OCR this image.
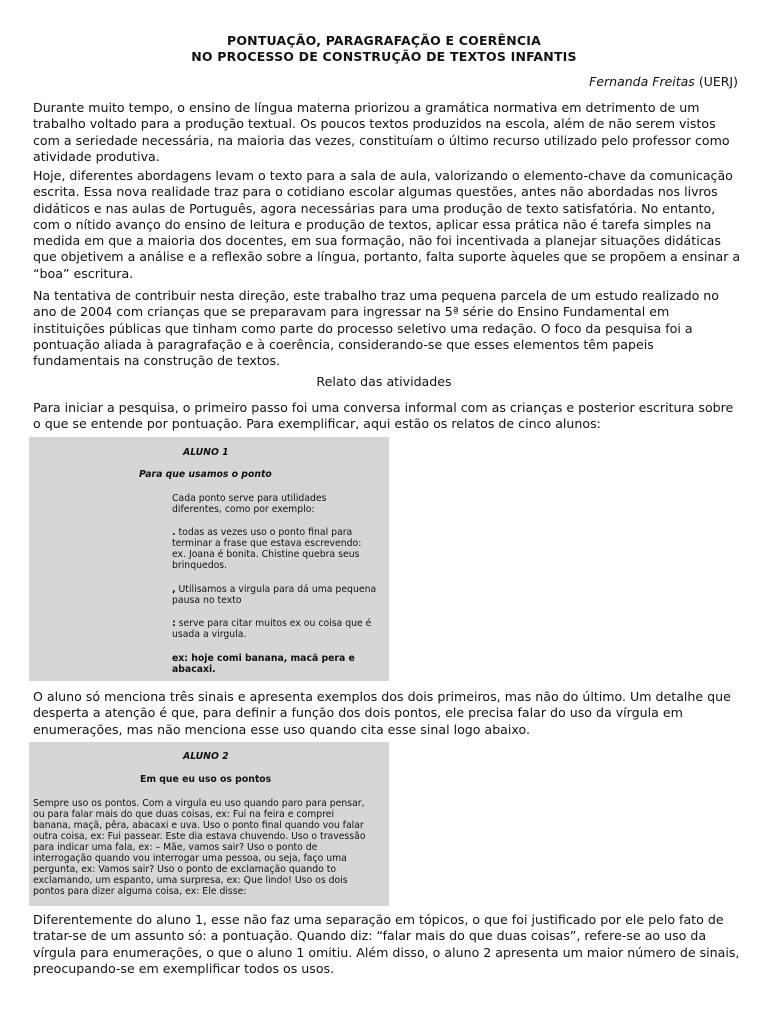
PONTUAÇÃO, PARAGRAFAÇÃO E COERÊNCIA
NO PROCESSO DE CONSTRUÇÃO DE TEXTOS INFANTIS
Fernanda Freitas (UERJ)

Durante muito tempo, o ensino de língua materna priorizou a gramática normativa em detrimento de um trabalho voltado para a produção textual. Os poucos textos produzidos na escola, além de não serem vistos com a seriedade necessária, na maioria das vezes, constituíam o último recurso utilizado pelo professor como atividade produtiva.

Hoje, diferentes abordagens levam o texto para a sala de aula, valorizando o elemento-chave da comunicação escrita. Essa nova realidade traz para o cotidiano escolar algumas questões, antes não abordadas nos livros didáticos e nas aulas de Português, agora necessárias para uma produção de texto satisfatória. No entanto, com o nítido avanço do ensino de leitura e produção de textos, aplicar essa prática não é tarefa simples na medida em que a maioria dos docentes, em sua formação, não foi incentivada a planejar situações didáticas que objetivem a análise e a reflexão sobre a língua, portanto, falta suporte àqueles que se propõem a ensinar a “boa” escritura.

Na tentativa de contribuir nesta direção, este trabalho traz uma pequena parcela de um estudo realizado no ano de 2004 com crianças que se preparavam para ingressar na 5ª série do Ensino Fundamental em instituições públicas que tinham como parte do processo seletivo uma redação. O foco da pesquisa foi a pontuação aliada à paragrafação e à coerência, considerando-se que esses elementos têm papeis fundamentais na construção de textos.

Relato das atividades

Para iniciar a pesquisa, o primeiro passo foi uma conversa informal com as crianças e posterior escritura sobre o que se entende por pontuação. Para exemplificar, aqui estão os relatos de cinco alunos:

ALUNO 1
Para que usamos o ponto
Cada ponto serve para utilidades
diferentes, como por exemplo:
. todas as vezes uso o ponto final para
terminar a frase que estava escrevendo:
ex. Joana é bonita. Chistine quebra seus
brinquedos.
, Utilisamos a virgula para dá uma pequena
pausa no texto
: serve para citar muitos ex ou coisa que é
usada a virgula.
ex: hoje comi banana, macã pera e
abacaxi.

O aluno só menciona três sinais e apresenta exemplos dos dois primeiros, mas não do último. Um detalhe que desperta a atenção é que, para definir a função dos dois pontos, ele precisa falar do uso da vírgula em enumerações, mas não menciona esse uso quando cita esse sinal logo abaixo.

ALUNO 2
Em que eu uso os pontos
Sempre uso os pontos. Com a virgula eu uso quando paro para pensar,
ou para falar mais do que duas coisas, ex: Fui na feira e comprei
banana, maçã, pêra, abacaxi e uva. Uso o ponto final quando vou falar
outra coisa, ex: Fui passear. Este dia estava chuvendo. Uso o travessão
para indicar uma fala, ex: – Mãe, vamos sair? Uso o ponto de
interrogação quando vou interrogar uma pessoa, ou seja, faço uma
pergunta, ex: Vamos sair? Uso o ponto de exclamação quando to
exclamando, um espanto, uma surpresa, ex: Que lindo! Uso os dois
pontos para dizer alguma coisa, ex: Ele disse:

Diferentemente do aluno 1, esse não faz uma separação em tópicos, o que foi justificado por ele pelo fato de tratar-se de um assunto só: a pontuação. Quando diz: “falar mais do que duas coisas”, refere-se ao uso da vírgula para enumerações, o que o aluno 1 omitiu. Além disso, o aluno 2 apresenta um maior número de sinais, preocupando-se em exemplificar todos os usos.
